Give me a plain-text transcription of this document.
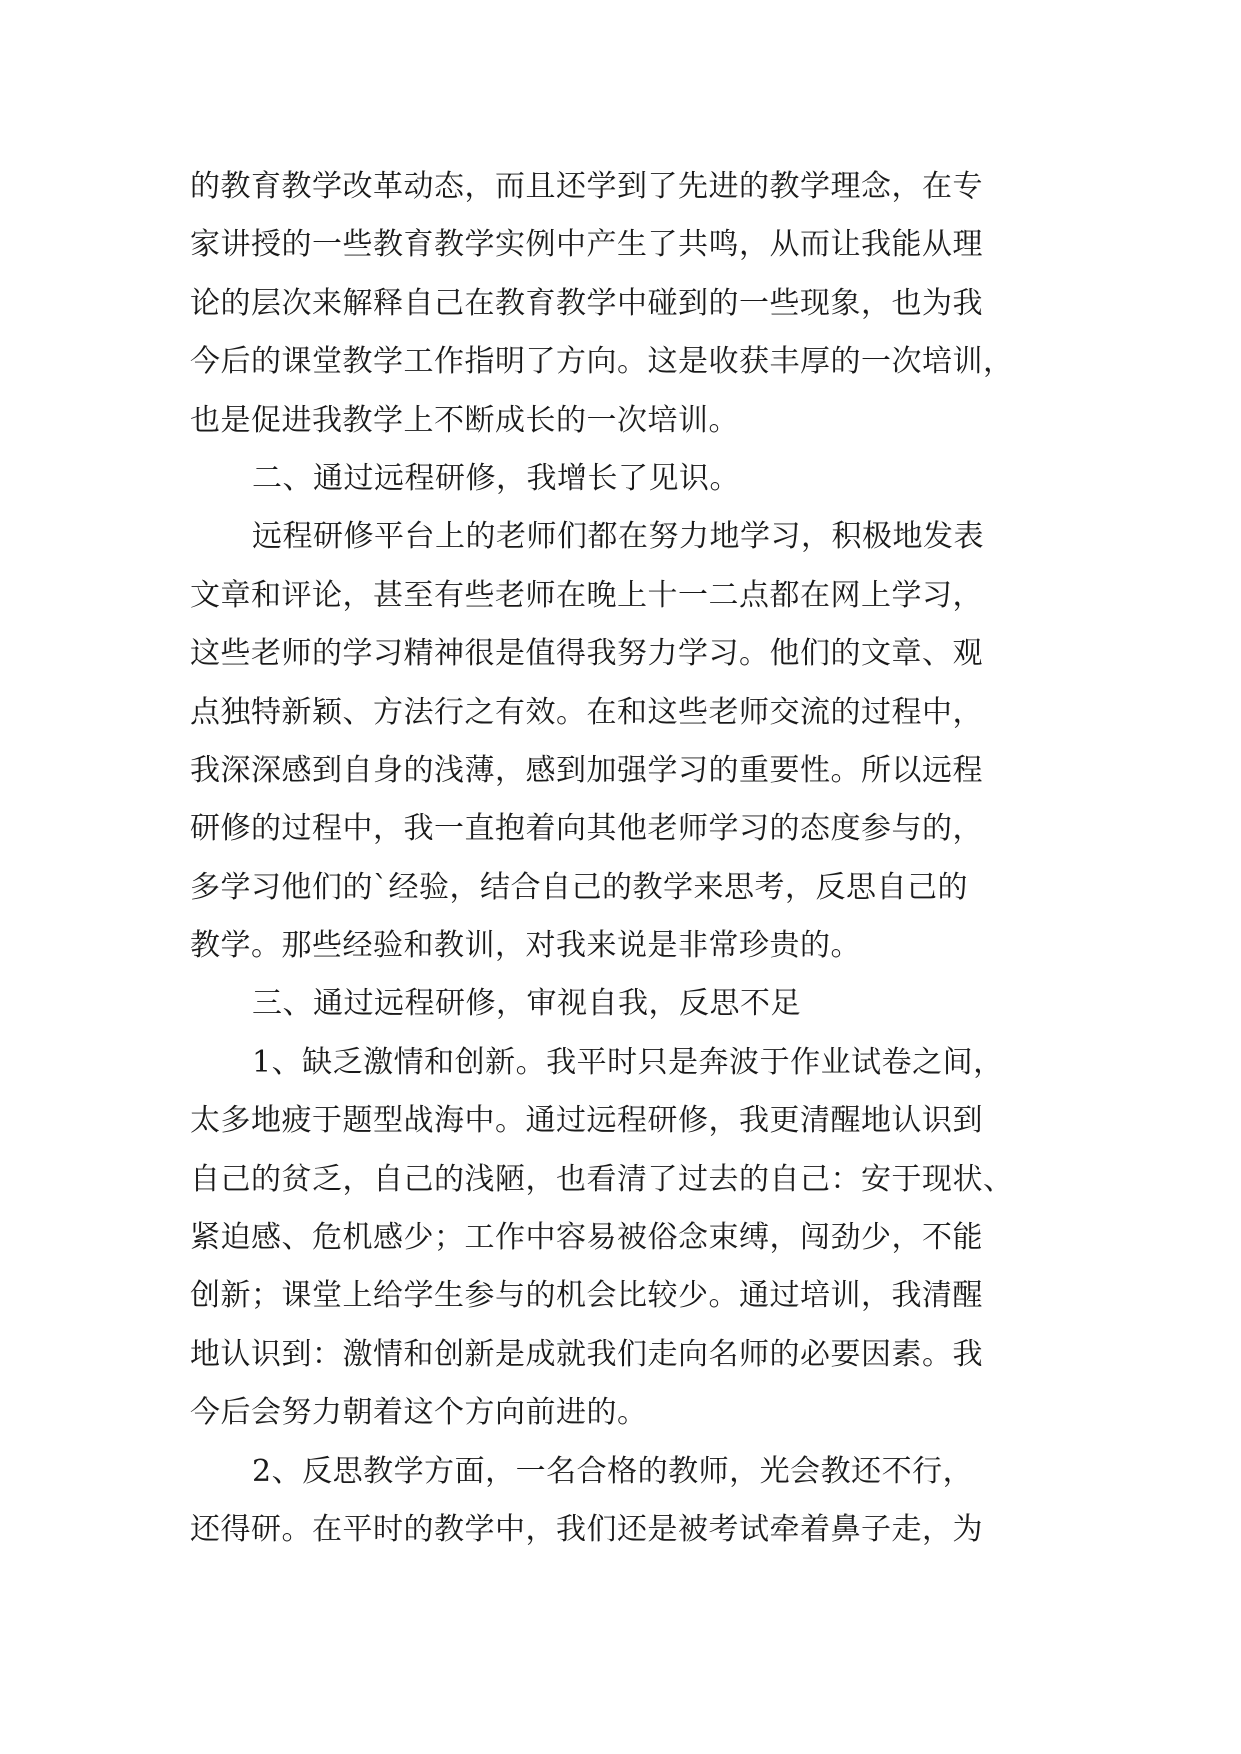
的教育教学改革动态，而且还学到了先进的教学理念，在专
家讲授的一些教育教学实例中产生了共鸣，从而让我能从理
论的层次来解释自己在教育教学中碰到的一些现象，也为我
今后的课堂教学工作指明了方向。这是收获丰厚的一次培训，
也是促进我教学上不断成长的一次培训。
二、通过远程研修，我增长了见识。
远程研修平台上的老师们都在努力地学习，积极地发表
文章和评论，甚至有些老师在晚上十一二点都在网上学习，
这些老师的学习精神很是值得我努力学习。他们的文章、观
点独特新颖、方法行之有效。在和这些老师交流的过程中，
我深深感到自身的浅薄，感到加强学习的重要性。所以远程
研修的过程中，我一直抱着向其他老师学习的态度参与的，
多学习他们的`经验，结合自己的教学来思考，反思自己的
教学。那些经验和教训，对我来说是非常珍贵的。
三、通过远程研修，审视自我，反思不足
1、缺乏激情和创新。我平时只是奔波于作业试卷之间，
太多地疲于题型战海中。通过远程研修，我更清醒地认识到
自己的贫乏，自己的浅陋，也看清了过去的自己：安于现状、
紧迫感、危机感少；工作中容易被俗念束缚，闯劲少，不能
创新；课堂上给学生参与的机会比较少。通过培训，我清醒
地认识到：激情和创新是成就我们走向名师的必要因素。我
今后会努力朝着这个方向前进的。
2、反思教学方面，一名合格的教师，光会教还不行，
还得研。在平时的教学中，我们还是被考试牵着鼻子走，为
